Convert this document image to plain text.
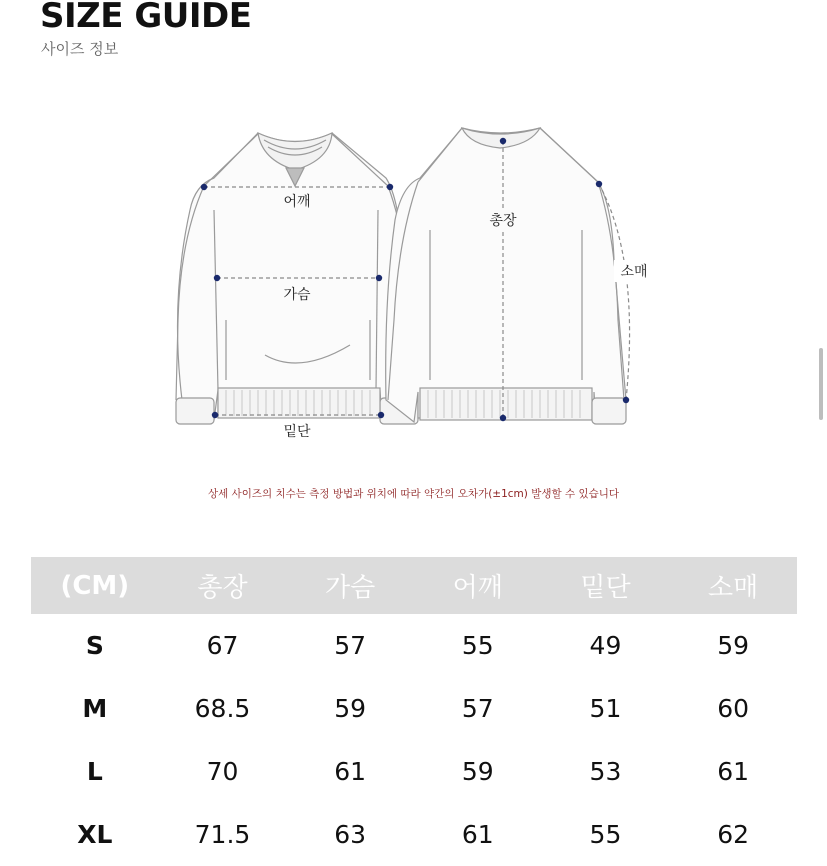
SIZE GUIDE
사이즈 정보
어깨
가슴
밑단
총장
소매
상세 사이즈의 치수는 측정 방법과 위치에 따라 약간의 오차가(±1cm) 발생할 수 있습니다
(CM)	총장	가슴	어깨	밑단	소매
S	67	57	55	49	59
M	68.5	59	57	51	60
L	70	61	59	53	61
XL	71.5	63	61	55	62
